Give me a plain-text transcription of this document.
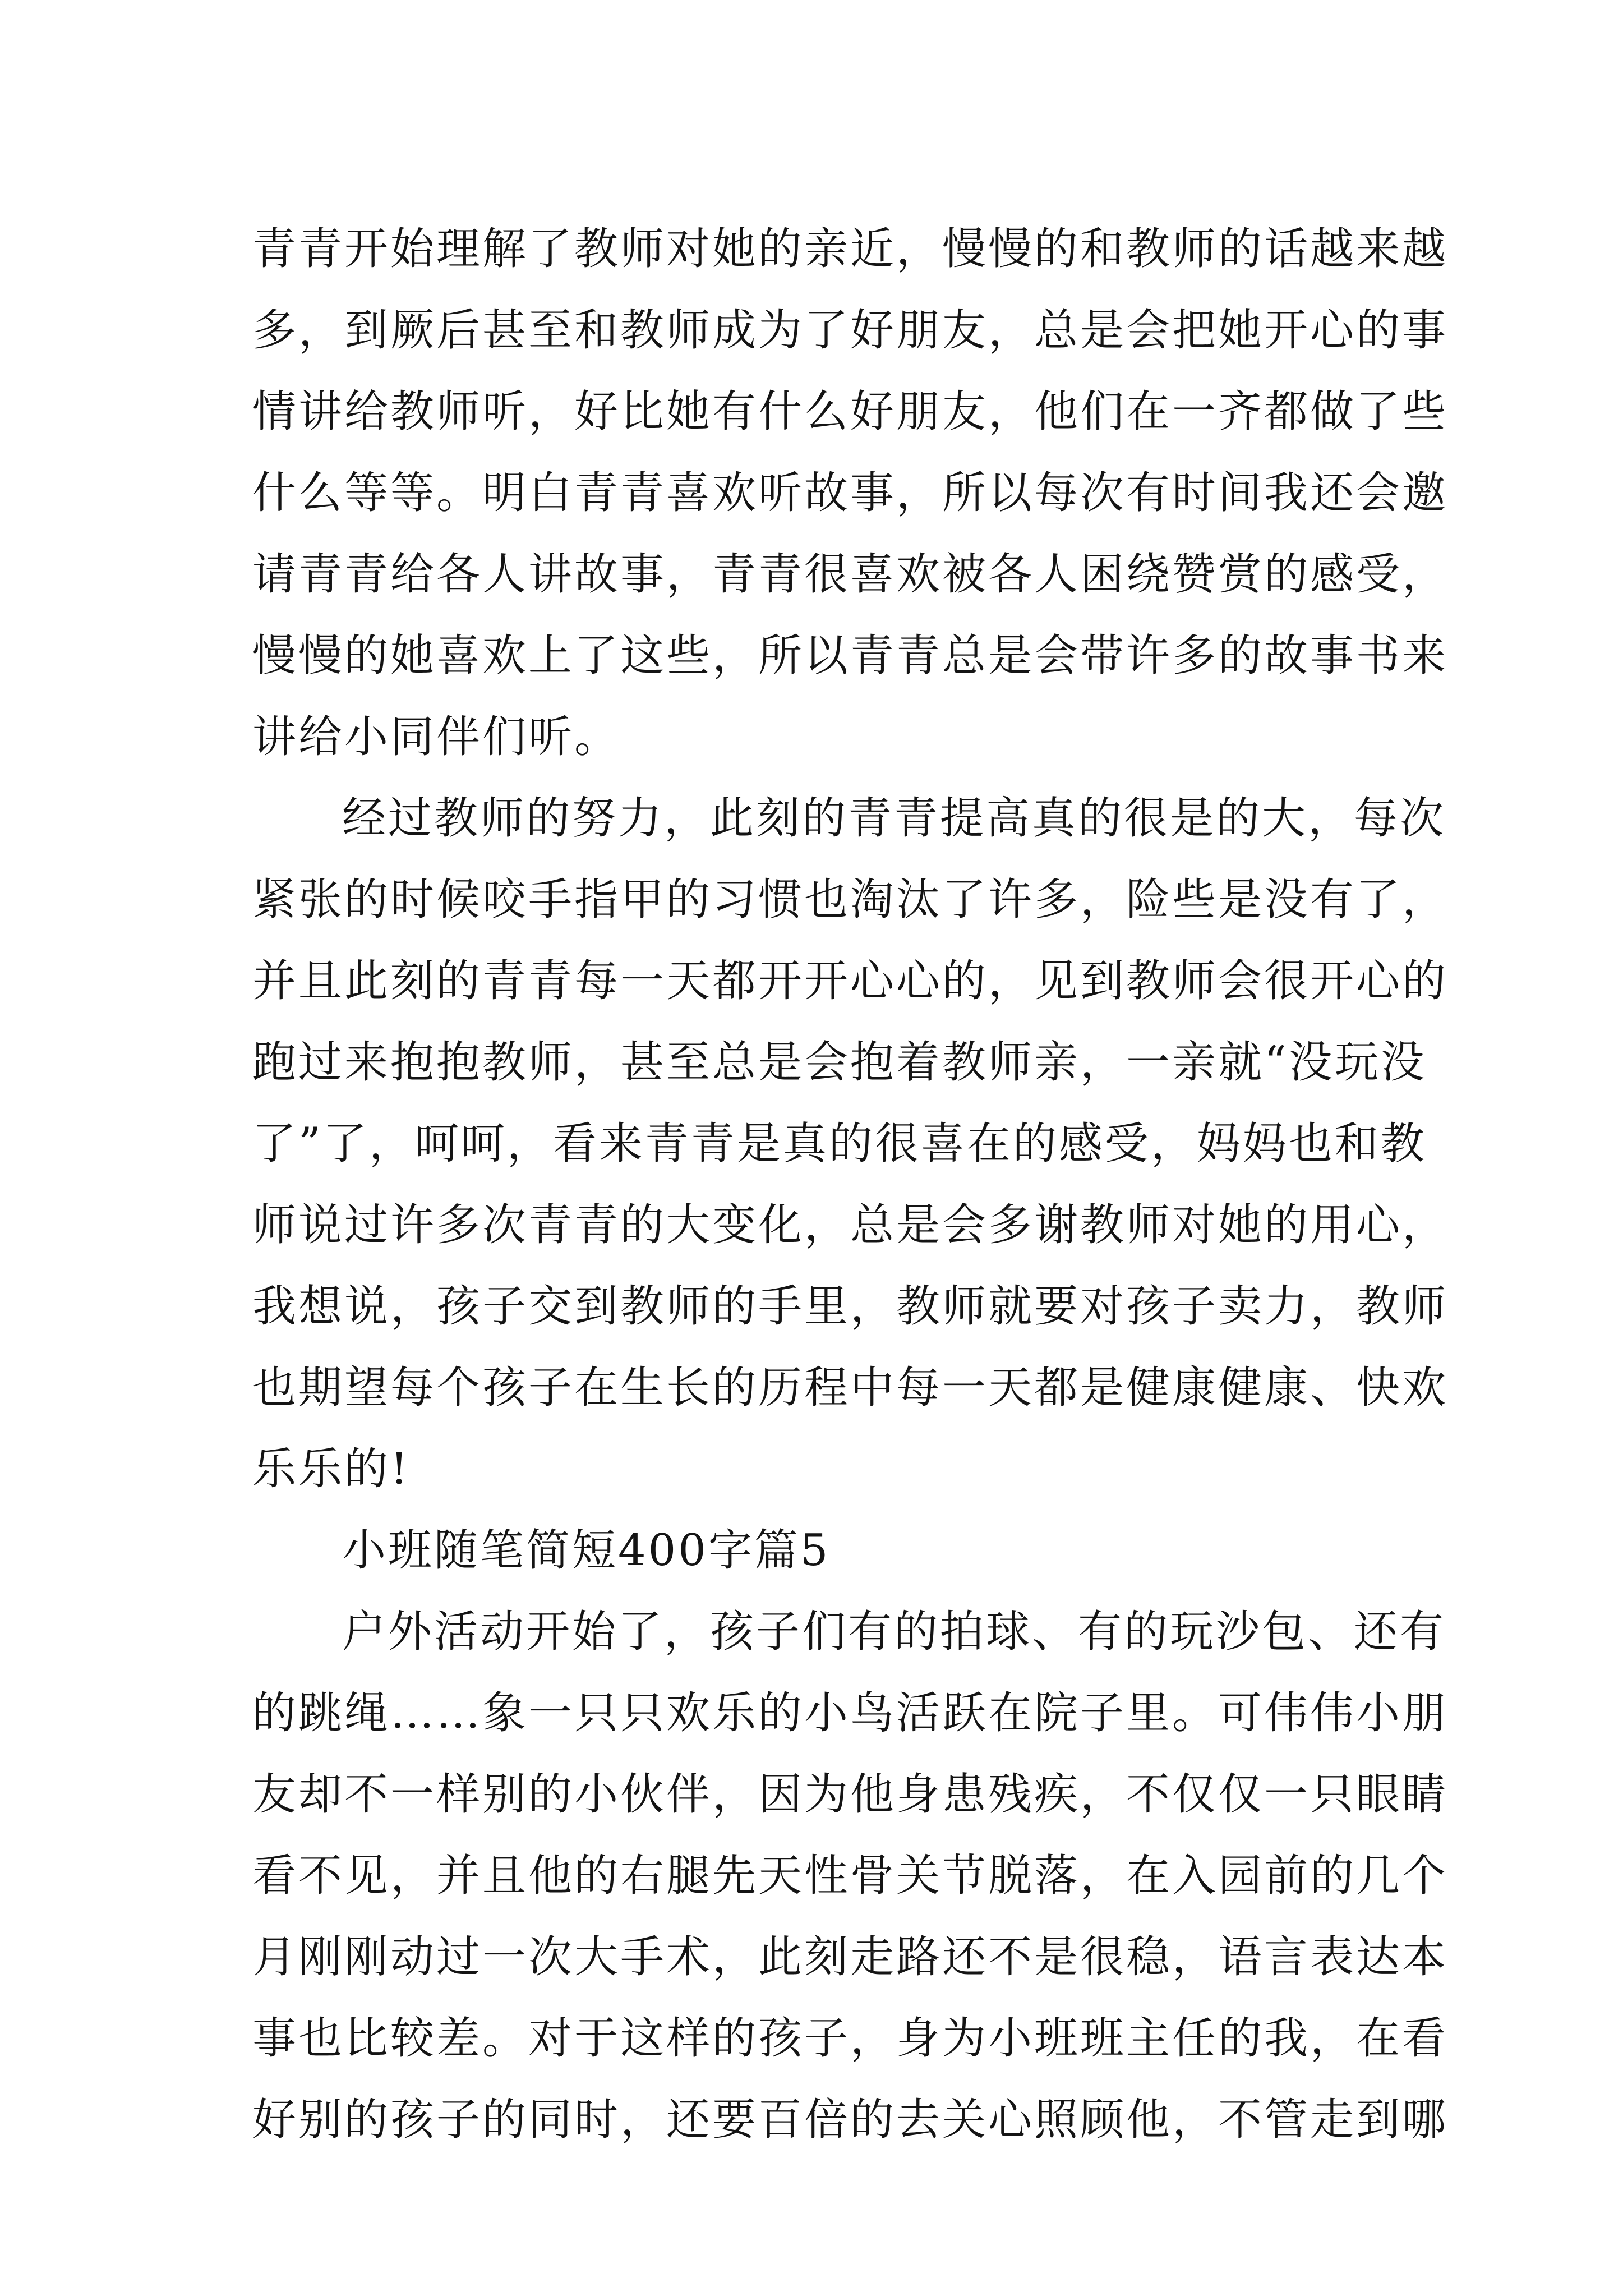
青青开始理解了教师对她的亲近，慢慢的和教师的话越来越
多，到厥后甚至和教师成为了好朋友，总是会把她开心的事
情讲给教师听，好比她有什么好朋友，他们在一齐都做了些
什么等等。明白青青喜欢听故事，所以每次有时间我还会邀
请青青给各人讲故事，青青很喜欢被各人困绕赞赏的感受，
慢慢的她喜欢上了这些，所以青青总是会带许多的故事书来
讲给小同伴们听。
经过教师的努力，此刻的青青提高真的很是的大，每次
紧张的时候咬手指甲的习惯也淘汰了许多，险些是没有了，
并且此刻的青青每一天都开开心心的，见到教师会很开心的
跑过来抱抱教师，甚至总是会抱着教师亲，一亲就“没玩没
了”了，呵呵，看来青青是真的很喜在的感受，妈妈也和教
师说过许多次青青的大变化，总是会多谢教师对她的用心，
我想说，孩子交到教师的手里，教师就要对孩子卖力，教师
也期望每个孩子在生长的历程中每一天都是健康健康、快欢
乐乐的!
小班随笔简短400字篇5
户外活动开始了，孩子们有的拍球、有的玩沙包、还有
的跳绳……象一只只欢乐的小鸟活跃在院子里。可伟伟小朋
友却不一样别的小伙伴，因为他身患残疾，不仅仅一只眼睛
看不见，并且他的右腿先天性骨关节脱落，在入园前的几个
月刚刚动过一次大手术，此刻走路还不是很稳，语言表达本
事也比较差。对于这样的孩子，身为小班班主任的我，在看
好别的孩子的同时，还要百倍的去关心照顾他，不管走到哪
